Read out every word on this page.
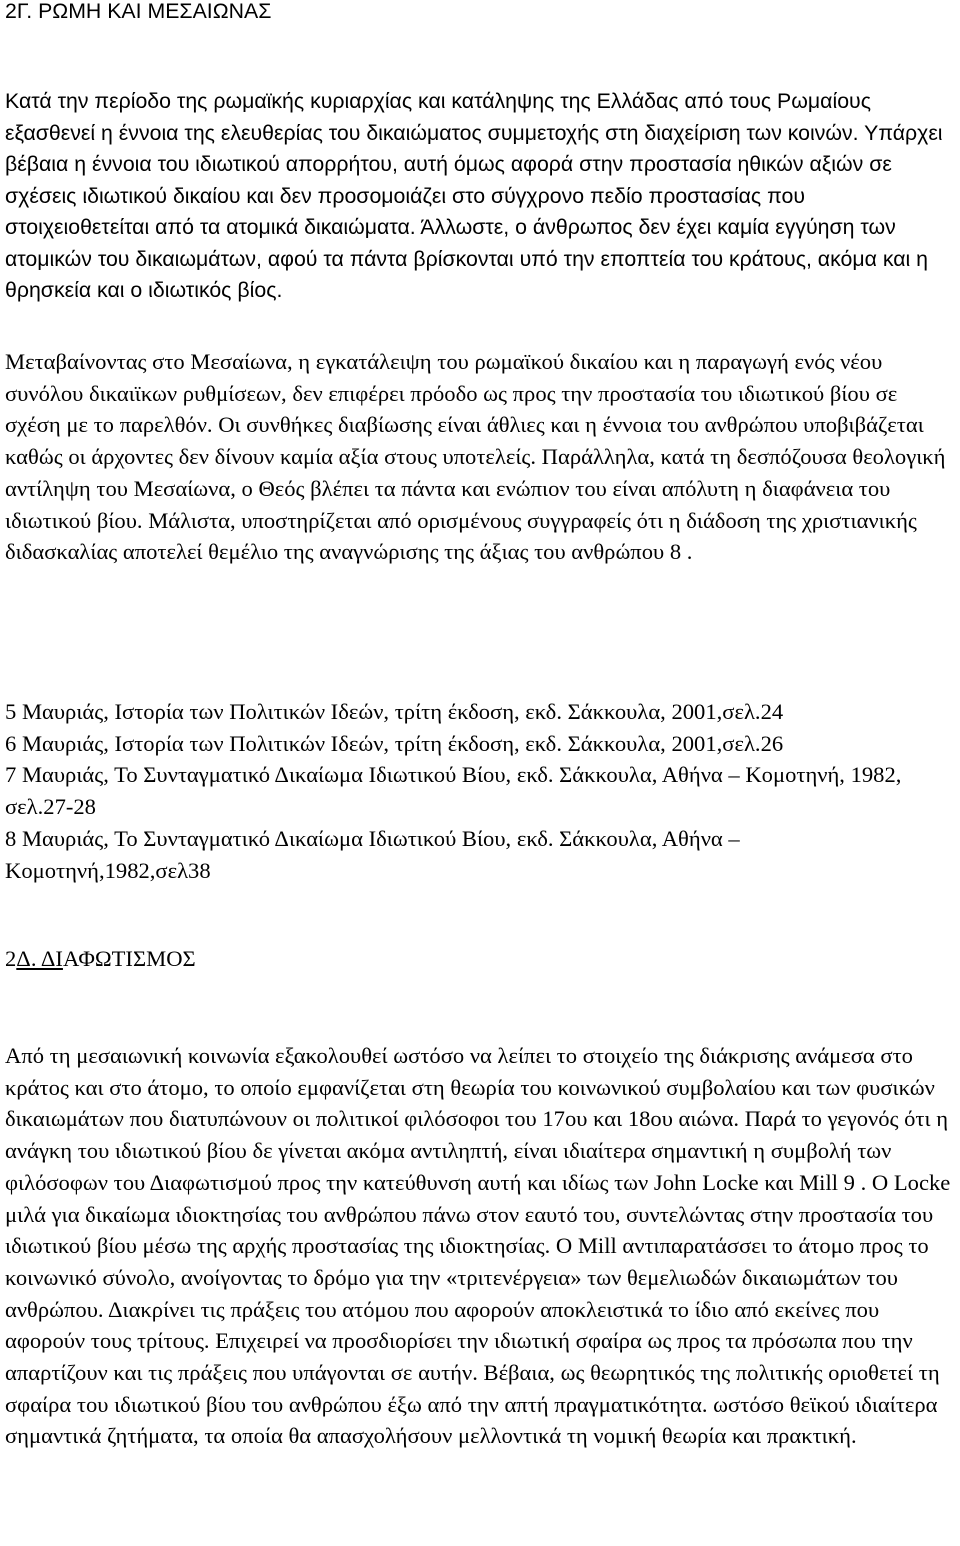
2Γ. ΡΩΜΗ ΚΑΙ ΜΕΣΑΙΩΝΑΣ
Κατά την περίοδο της ρωμαϊκής κυριαρχίας και κατάληψης της Ελλάδας από τους Ρωμαίους εξασθενεί η έννοια της ελευθερίας του δικαιώματος συμμετοχής στη διαχείριση των κοινών. Υπάρχει βέβαια η έννοια του ιδιωτικού απορρήτου, αυτή όμως αφορά στην προστασία ηθικών αξιών σε σχέσεις ιδιωτικού δικαίου και δεν προσομοιάζει στο σύγχρονο πεδίο προστασίας που στοιχειοθετείται από τα ατομικά δικαιώματα. Άλλωστε, ο άνθρωπος δεν έχει καμία εγγύηση των ατομικών του δικαιωμάτων, αφού τα πάντα βρίσκονται υπό την εποπτεία του κράτους, ακόμα και η θρησκεία και ο ιδιωτικός βίος.
Μεταβαίνοντας στο Μεσαίωνα, η εγκατάλειψη του ρωμαϊκού δικαίου και η παραγωγή ενός νέου συνόλου δικαιϊκων ρυθμίσεων, δεν επιφέρει πρόοδο ως προς την προστασία του ιδιωτικού βίου σε σχέση με το παρελθόν. Οι συνθήκες διαβίωσης είναι άθλιες και η έννοια του ανθρώπου υποβιβάζεται καθώς οι άρχοντες δεν δίνουν καμία αξία στους υποτελείς. Παράλληλα, κατά τη δεσπόζουσα θεολογική αντίληψη του Μεσαίωνα, ο Θεός βλέπει τα πάντα και ενώπιον του είναι απόλυτη η διαφάνεια του ιδιωτικού βίου. Μάλιστα, υποστηρίζεται από ορισμένους συγγραφείς ότι η διάδοση της χριστιανικής διδασκαλίας αποτελεί θεμέλιο της αναγνώρισης της άξιας του ανθρώπου 8 .
5 Μαυριάς, Ιστορία των Πολιτικών Ιδεών, τρίτη έκδοση, εκδ. Σάκκουλα, 2001,σελ.24
6 Μαυριάς, Ιστορία των Πολιτικών Ιδεών, τρίτη έκδοση, εκδ. Σάκκουλα, 2001,σελ.26
7 Μαυριάς, Το Συνταγματικό Δικαίωμα Ιδιωτικού Βίου, εκδ. Σάκκουλα, Αθήνα – Κομοτηνή, 1982, σελ.27-28
8 Μαυριάς, Το Συνταγματικό Δικαίωμα Ιδιωτικού Βίου, εκδ. Σάκκουλα, Αθήνα – Κομοτηνή,1982,σελ38
2Δ. ΔΙΑΦΩΤΙΣΜΟΣ
Από τη μεσαιωνική κοινωνία εξακολουθεί ωστόσο να λείπει το στοιχείο της διάκρισης ανάμεσα στο κράτος και στο άτομο, το οποίο εμφανίζεται στη θεωρία του κοινωνικού συμβολαίου και των φυσικών δικαιωμάτων που διατυπώνουν οι πολιτικοί φιλόσοφοι του 17ου και 18ου αιώνα. Παρά το γεγονός ότι η ανάγκη του ιδιωτικού βίου δε γίνεται ακόμα αντιληπτή, είναι ιδιαίτερα σημαντική η συμβολή των φιλόσοφων του Διαφωτισμού προς την κατεύθυνση αυτή και ιδίως των John Locke και Mill 9 . O Locke μιλά για δικαίωμα ιδιοκτησίας του ανθρώπου πάνω στον εαυτό του, συντελώντας στην προστασία του ιδιωτικού βίου μέσω της αρχής προστασίας της ιδιοκτησίας. Ο Mill αντιπαρατάσσει το άτομο προς το κοινωνικό σύνολο, ανοίγοντας το δρόμο για την «τριτενέργεια» των θεμελιωδών δικαιωμάτων του ανθρώπου. Διακρίνει τις πράξεις του ατόμου που αφορούν αποκλειστικά το ίδιο από εκείνες που αφορούν τους τρίτους. Επιχειρεί να προσδιορίσει την ιδιωτική σφαίρα ως προς τα πρόσωπα που την απαρτίζουν και τις πράξεις που υπάγονται σε αυτήν. Βέβαια, ως θεωρητικός της πολιτικής οριοθετεί τη σφαίρα του ιδιωτικού βίου του ανθρώπου έξω από την απτή πραγματικότητα. ωστόσο θεϊκού ιδιαίτερα σημαντικά ζητήματα, τα οποία θα απασχολήσουν μελλοντικά τη νομική θεωρία και πρακτική.
